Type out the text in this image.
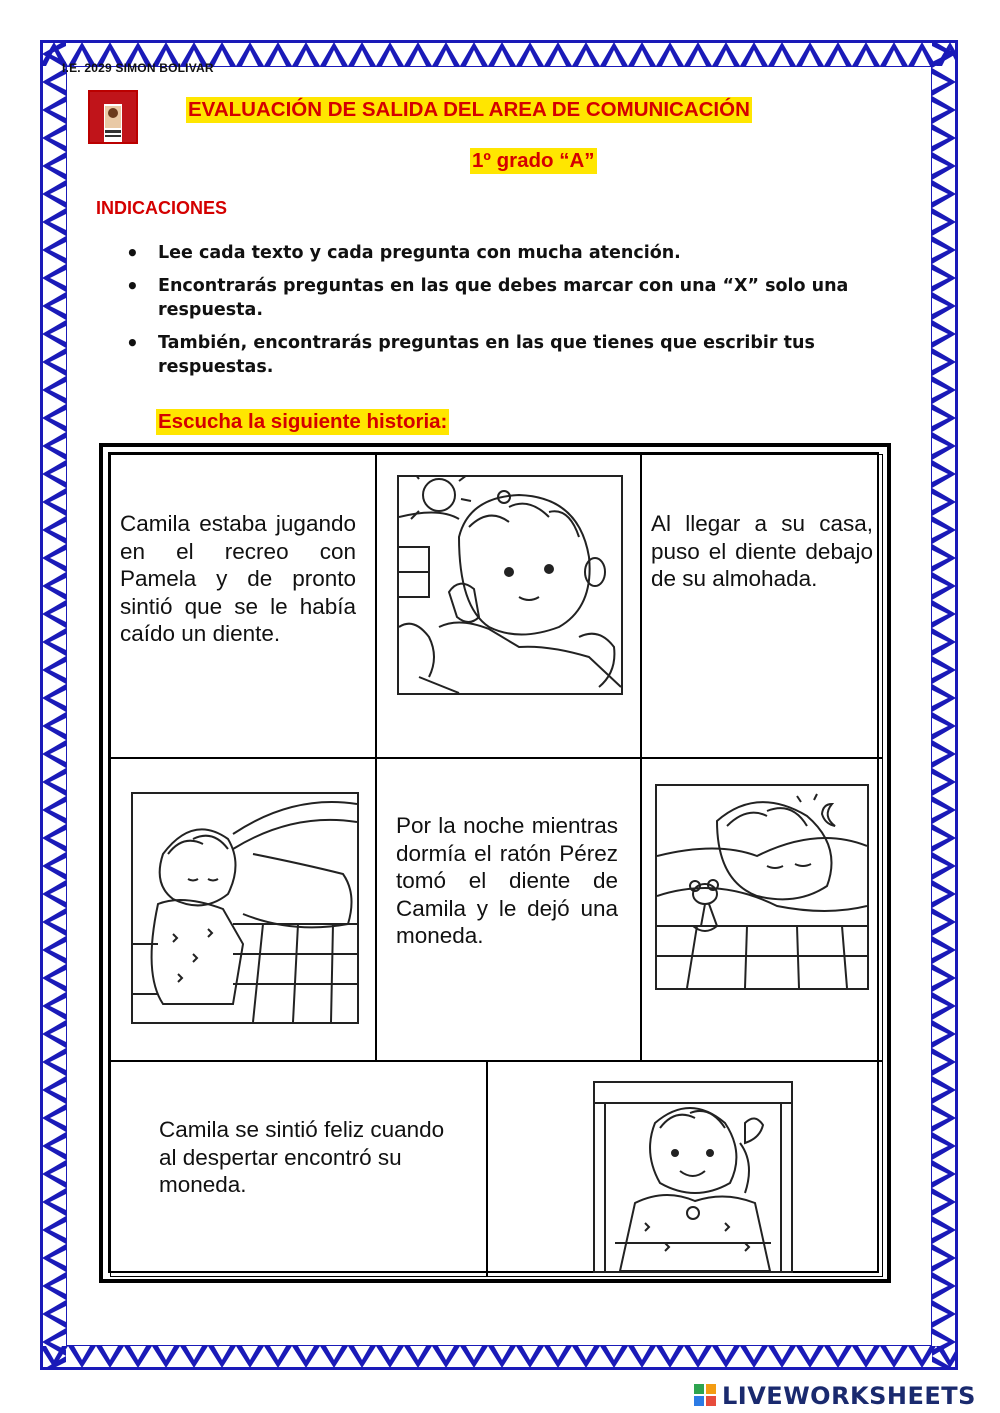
I.E. 2029 SIMON BOLIVAR
EVALUACIÓN DE SALIDA DEL AREA DE COMUNICACIÓN
1º grado “A”
INDICACIONES
• Lee cada texto y cada pregunta con mucha atención.
• Encontrarás preguntas en las que debes marcar con una “X” solo una respuesta.
• También, encontrarás preguntas en las que tienes que escribir tus respuestas.
Escucha la siguiente historia:
Camila estaba jugando en el recreo con Pamela y de pronto sintió que se le había caído un diente.
Al llegar a su casa, puso el diente debajo de su almohada.
Por la noche mientras dormía el ratón Pérez tomó el diente de Camila y le dejó una moneda.
Camila se sintió feliz cuando al despertar encontró su moneda.
LIVEWORKSHEETS
